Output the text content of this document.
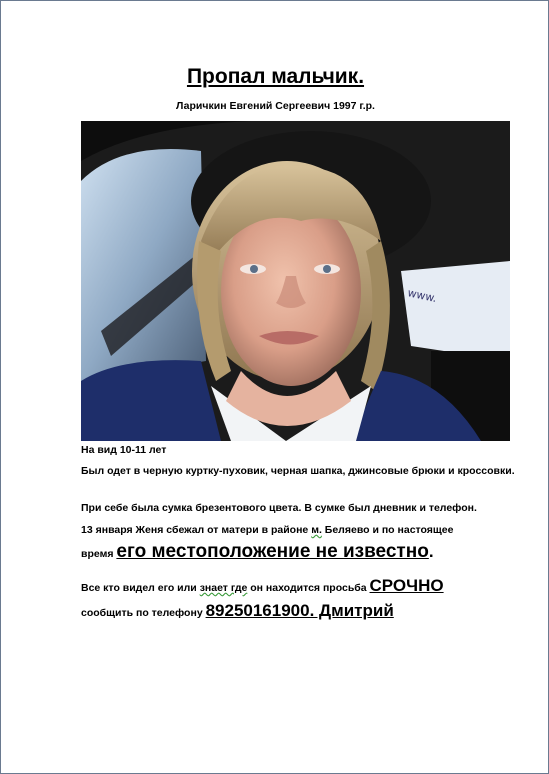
Пропал мальчик.
Ларичкин Евгений Сергеевич 1997 г.р.
www.
На вид 10-11 лет
Был одет в черную куртку-пуховик, черная шапка, джинсовые брюки и кроссовки.
При себе была сумка брезентового цвета. В сумке был дневник и телефон.
13 января Женя сбежал от матери в районе м. Беляево и по настоящее
время его местоположение не известно.
Все кто видел его или знает где он находится просьба СРОЧНО
сообщить по телефону 89250161900. Дмитрий
